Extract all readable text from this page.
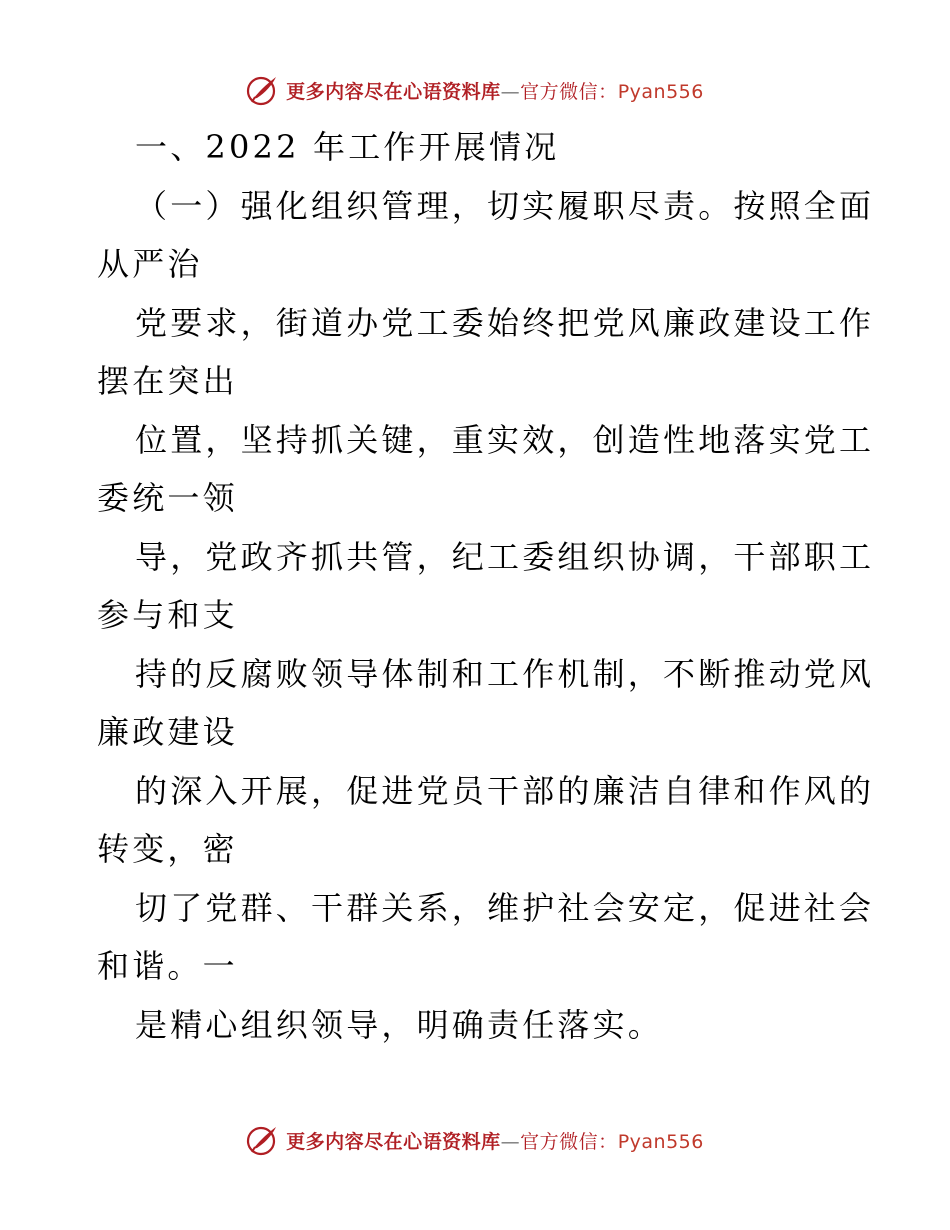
更多内容尽在心语资料库—官方微信：Pyan556
一、2022 年工作开展情况
（一）强化组织管理，切实履职尽责。按照全面
从严治
党要求，街道办党工委始终把党风廉政建设工作
摆在突出
位置，坚持抓关键，重实效，创造性地落实党工
委统一领
导，党政齐抓共管，纪工委组织协调，干部职工
参与和支
持的反腐败领导体制和工作机制，不断推动党风
廉政建设
的深入开展，促进党员干部的廉洁自律和作风的
转变，密
切了党群、干群关系，维护社会安定，促进社会
和谐。一
是精心组织领导，明确责任落实。
更多内容尽在心语资料库—官方微信：Pyan556
